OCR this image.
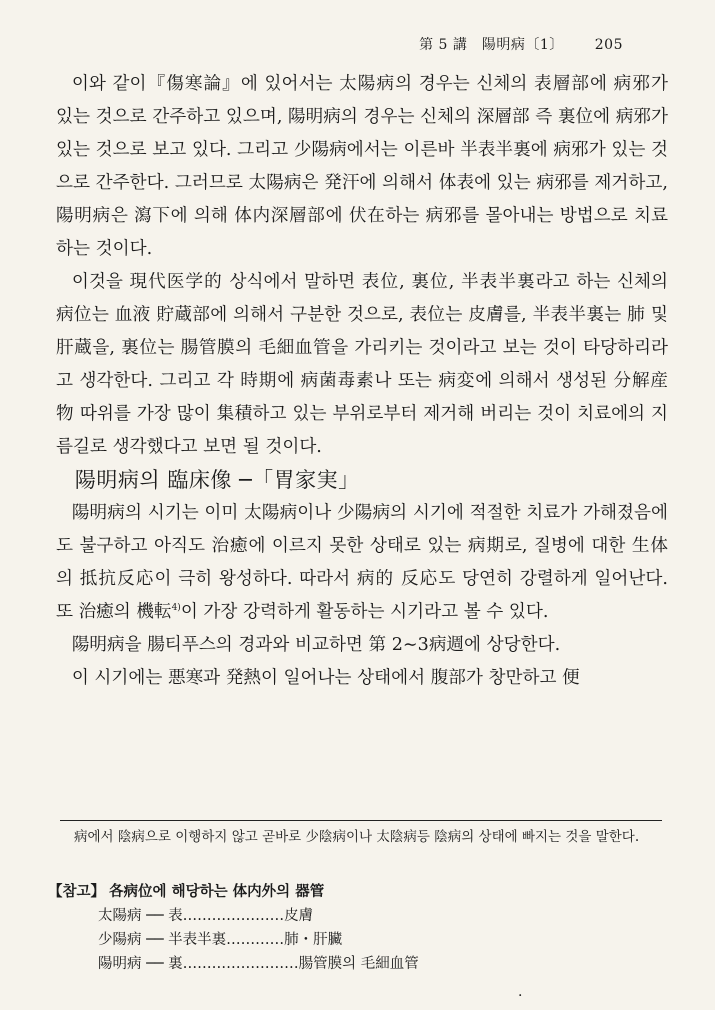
第 5 講　陽明病〔1〕 205

이와 같이『傷寒論』에 있어서는 太陽病의 경우는 신체의 表層部에 病邪가 있는 것으로 간주하고 있으며, 陽明病의 경우는 신체의 深層部 즉 裏位에 病邪가 있는 것으로 보고 있다. 그리고 少陽病에서는 이른바 半表半裏에 病邪가 있는 것으로 간주한다. 그러므로 太陽病은 発汗에 의해서 体表에 있는 病邪를 제거하고, 陽明病은 瀉下에 의해 体内深層部에 伏在하는 病邪를 몰아내는 방법으로 치료하는 것이다.

이것을 現代医学的 상식에서 말하면 表位, 裏位, 半表半裏라고 하는 신체의 病位는 血液 貯蔵部에 의해서 구분한 것으로, 表位는 皮膚를, 半表半裏는 肺 및 肝蔵을, 裏位는 腸管膜의 毛細血管을 가리키는 것이라고 보는 것이 타당하리라고 생각한다. 그리고 각 時期에 病菌毒素나 또는 病変에 의해서 생성된 分解産物 따위를 가장 많이 集積하고 있는 부위로부터 제거해 버리는 것이 치료에의 지름길로 생각했다고 보면 될 것이다.

陽明病의 臨床像 ─「胃家実」

陽明病의 시기는 이미 太陽病이나 少陽病의 시기에 적절한 치료가 가해졌음에도 불구하고 아직도 治癒에 이르지 못한 상태로 있는 病期로, 질병에 대한 生体의 抵抗反応이 극히 왕성하다. 따라서 病的 反応도 당연히 강렬하게 일어난다. 또 治癒의 機転$^{4)}$이 가장 강력하게 활동하는 시기라고 볼 수 있다.

陽明病을 腸티푸스의 경과와 비교하면 第 2∼3病週에 상당한다.

이 시기에는 悪寒과 発熱이 일어나는 상태에서 腹部가 창만하고 便

病에서 陰病으로 이행하지 않고 곧바로 少陰病이나 太陰病등 陰病의 상태에 빠지는 것을 말한다.
【참고】 各病位에 해당하는 体内外의 器管
太陽病 ── 表…………………皮膚
少陽病 ── 半表半裏…………肺・肝臟
陽明病 ── 裏……………………腸管膜의 毛細血管
·
